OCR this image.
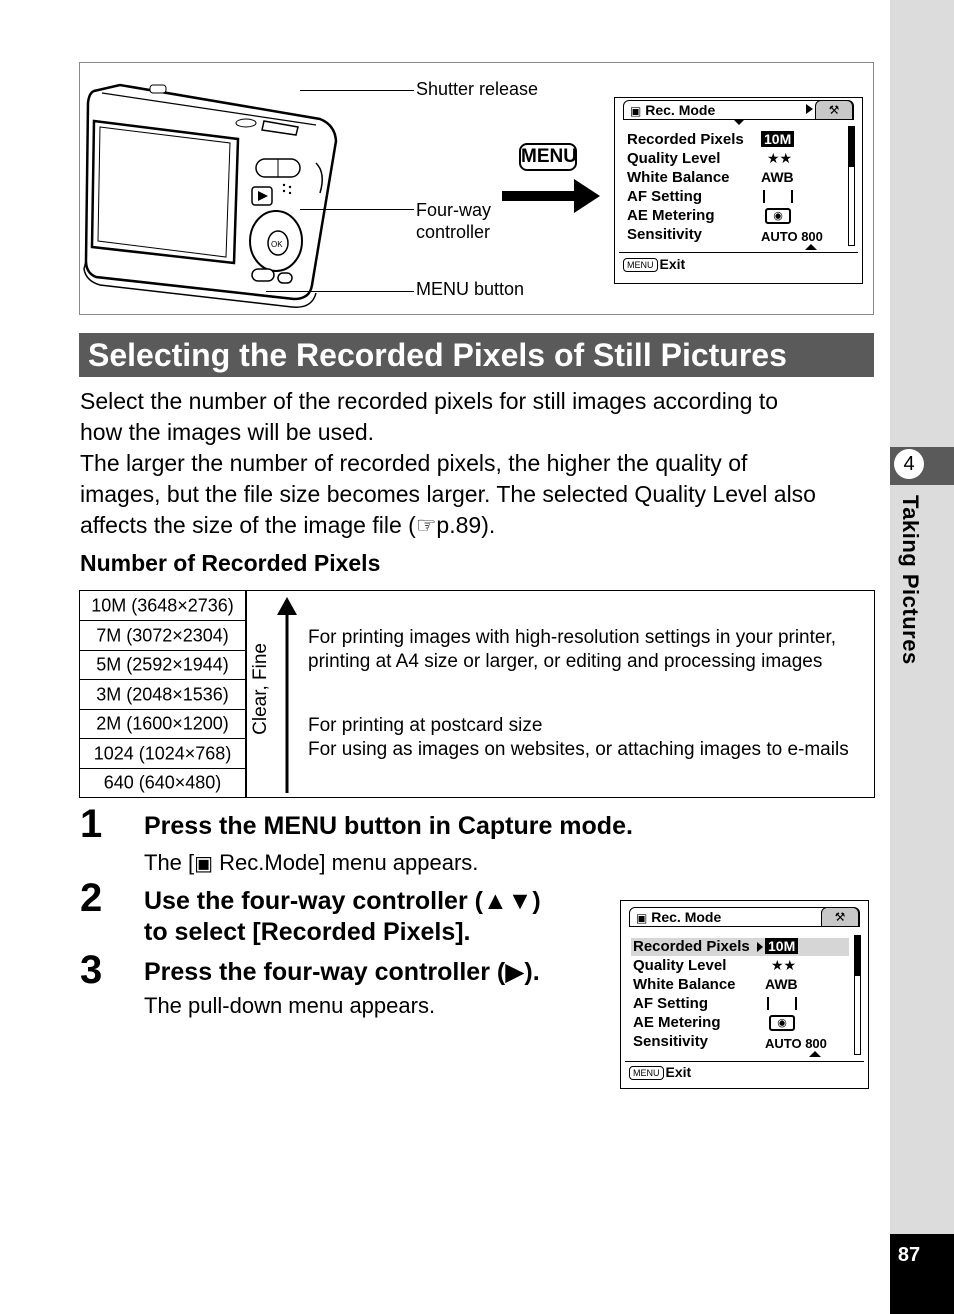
OK
Shutter release
Four-way
controller
MENU button
MENU
▣ Rec. Mode	⚒
Recorded Pixels
Quality Level
White Balance
AF Setting
AE Metering
Sensitivity
10M
★★
AWB
◉
AUTO 800
MENU Exit
Selecting the Recorded Pixels of Still Pictures
Select the number of the recorded pixels for still images according to
how the images will be used.
The larger the number of recorded pixels, the higher the quality of
images, but the file size becomes larger. The selected Quality Level also
affects the size of the image file (☞p.89).
Number of Recorded Pixels
10M (3648×2736)
7M (3072×2304)
5M (2592×1944)
3M (2048×1536)
2M (1600×1200)
1024 (1024×768)
640 (640×480)
Clear, Fine
For printing images with high-resolution settings in your printer,
printing at A4 size or larger, or editing and processing images
For printing at postcard size
For using as images on websites, or attaching images to e-mails
1 Press the MENU button in Capture mode.
The [▣ Rec.Mode] menu appears.
2 Use the four-way controller (▲▼)
to select [Recorded Pixels].
3 Press the four-way controller (▶).
The pull-down menu appears.
▣ Rec. Mode	⚒
Recorded Pixels
Quality Level
White Balance
AF Setting
AE Metering
Sensitivity
10M
★★
AWB
◉
AUTO 800
MENU Exit
4
Taking Pictures
87
